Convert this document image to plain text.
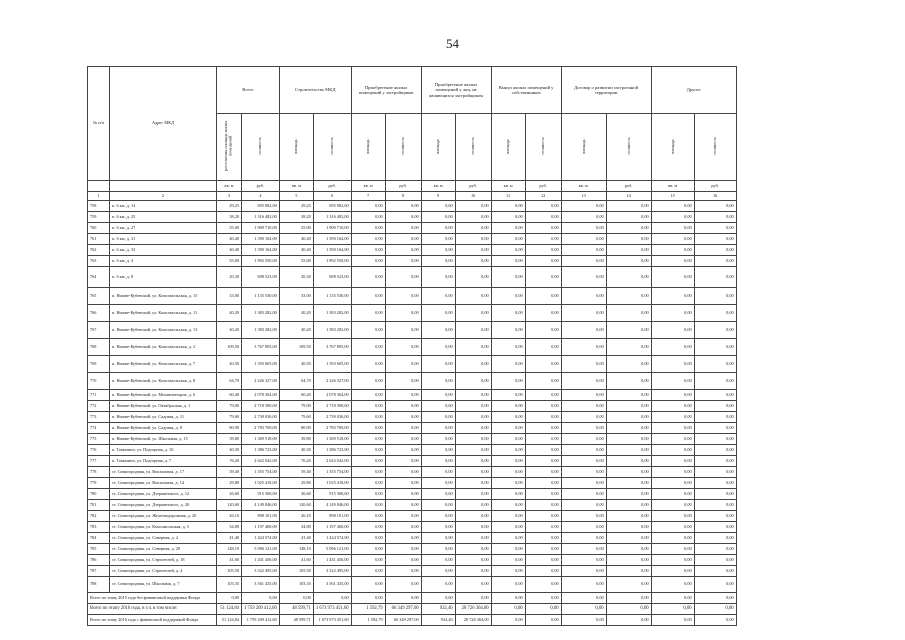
54
№ п/п	Адрес МКД	Всего		Строительство МКД		Приобретение жилых помещений у застройщиков		Приобретение жилых помещений у лиц, не являющихся застройщиком		Выкуп жилых помещений у собственников		Договор о развитии застроенной территории		Другое	
		расселяемая площадь жилых помещений	стоимость	площадь	стоимость	площадь	стоимость	площадь	стоимость	площадь	стоимость	площадь	стоимость	площадь	стоимость
		кв. м	руб.	кв. м	руб.	кв. м	руб.	кв. м	руб.	кв. м	руб.	кв. м.	руб.	кв. м	руб.
1	2	3	4	5	6	7	8	9	10	11	12	13	14	15	16
758	п. 6 км, д. 14	29,25	695 082,00	29,25	695 082,00	0,00	0,00	0,00	0,00	0,00	0,00	0,00	0,00	0,00	0,00
759	п. 6 км, д. 25	38,20	1 316 482,00	38,20	1 316 482,00	0,00	0,00	0,00	0,00	0,00	0,00	0,00	0,00	0,00	0,00
760	п. 6 км, д. 27	55,00	1 909 710,00	55,00	1 909 710,00	0,00	0,00	0,00	0,00	0,00	0,00	0,00	0,00	0,00	0,00
761	п. 6 км, д. 31	40,40	1 390 164,00	40,40	1 390 164,00	0,00	0,00	0,00	0,00	0,00	0,00	0,00	0,00	0,00	0,00
762	п. 6 км, д. 33	40,40	1 390 164,00	40,40	1 390 164,00	0,00	0,00	0,00	0,00	0,00	0,00	0,00	0,00	0,00	0,00
763	п. 6 км, д. 4	55,00	1 892 550,00	55,00	1 892 550,00	0,00	0,00	0,00	0,00	0,00	0,00	0,00	0,00	0,00	0,00
764	п. 6 км, д. 8	20,30	698 523,00	20,30	698 523,00	0,00	0,00	0,00	0,00	0,00	0,00	0,00	0,00	0,00	0,00
765	п. Нижне-Кубенский, ул. Комсомольская, д. 15	33,00	1 135 530,00	33,00	1 135 530,00	0,00	0,00	0,00	0,00	0,00	0,00	0,00	0,00	0,00	0,00
766	п. Нижне-Кубенский, ул. Комсомольская, д. 11	40,20	1 383 282,00	40,20	1 383 282,00	0,00	0,00	0,00	0,00	0,00	0,00	0,00	0,00	0,00	0,00
767	п. Нижне-Кубенский, ул. Комсомольская, д. 13	40,20	1 383 282,00	40,20	1 383 282,00	0,00	0,00	0,00	0,00	0,00	0,00	0,00	0,00	0,00	0,00
768	п. Нижне-Кубенский, ул. Комсомольская, д. 2	109,50	3 767 895,00	109,50	3 767 895,00	0,00	0,00	0,00	0,00	0,00	0,00	0,00	0,00	0,00	0,00
769	п. Нижне-Кубенский, ул. Комсомольская, д. 7	40,50	1 393 605,00	40,50	1 393 605,00	0,00	0,00	0,00	0,00	0,00	0,00	0,00	0,00	0,00	0,00
770	п. Нижне-Кубенский, ул. Комсомольская, д. 8	64,70	2 226 327,00	64,70	2 226 327,00	0,00	0,00	0,00	0,00	0,00	0,00	0,00	0,00	0,00	0,00
771	п. Нижне-Кубенский, ул. Механизаторов, д. 6	60,40	2 078 364,00	60,40	2 078 364,00	0,00	0,00	0,00	0,00	0,00	0,00	0,00	0,00	0,00	0,00
772	п. Нижне-Кубенский, ул. Октябрьская, д. 1	79,00	2 718 390,00	79,00	2 718 390,00	0,00	0,00	0,00	0,00	0,00	0,00	0,00	0,00	0,00	0,00
773	п. Нижне-Кубенский, ул. Садовая, д. 11	79,60	2 739 036,00	79,60	2 739 036,00	0,00	0,00	0,00	0,00	0,00	0,00	0,00	0,00	0,00	0,00
774	п. Нижне-Кубенский, ул. Садовая, д. 8	80,90	2 783 769,00	80,90	2 783 769,00	0,00	0,00	0,00	0,00	0,00	0,00	0,00	0,00	0,00	0,00
775	п. Нижне-Кубенский, ул. Школьная, д. 15	39,80	1 369 518,00	39,80	1 369 518,00	0,00	0,00	0,00	0,00	0,00	0,00	0,00	0,00	0,00	0,00
776	п. Томилино, ул. Подгорная, д. 10	40,30	1 386 723,00	40,30	1 386 723,00	0,00	0,00	0,00	0,00	0,00	0,00	0,00	0,00	0,00	0,00
777	п. Томилино, ул. Подгорная, д. 7	76,20	2 622 042,00	76,20	2 622 042,00	0,00	0,00	0,00	0,00	0,00	0,00	0,00	0,00	0,00	0,00
778	ст. Семигородняя, ул. Вокзальная, д. 17	39,40	1 355 754,00	39,40	1 355 754,00	0,00	0,00	0,00	0,00	0,00	0,00	0,00	0,00	0,00	0,00
779	ст. Семигородняя, ул. Вокзальная, д. 14	29,80	1 025 418,00	29,80	1 025 418,00	0,00	0,00	0,00	0,00	0,00	0,00	0,00	0,00	0,00	0,00
780	ст. Семигородняя, ул. Дзержинского, д. 12	26,60	915 306,00	26,60	915 306,00	0,00	0,00	0,00	0,00	0,00	0,00	0,00	0,00	0,00	0,00
781	ст. Семигородняя, ул. Дзержинского, д. 20	120,60	4 149 846,00	120,60	4 149 846,00	0,00	0,00	0,00	0,00	0,00	0,00	0,00	0,00	0,00	0,00
782	ст. Семигородняя, ул. Железнодорожная, д. 20	26,10	898 101,00	26,10	898 101,00	0,00	0,00	0,00	0,00	0,00	0,00	0,00	0,00	0,00	0,00
783	ст. Семигородняя, ул. Комсомольская, д. 5	34,80	1 197 468,00	34,80	1 197 468,00	0,00	0,00	0,00	0,00	0,00	0,00	0,00	0,00	0,00	0,00
784	ст. Семигородняя, ул. Северная, д. 2	41,40	1 424 574,00	41,40	1 424 574,00	0,00	0,00	0,00	0,00	0,00	0,00	0,00	0,00	0,00	0,00
785	ст. Семигородняя, ул. Северная, д. 20	148,10	5 096 121,00	148,10	5 096 121,00	0,00	0,00	0,00	0,00	0,00	0,00	0,00	0,00	0,00	0,00
786	ст. Семигородняя, ул. Строителей, д. 18	41,60	1 431 456,00	41,60	1 431 456,00	0,00	0,00	0,00	0,00	0,00	0,00	0,00	0,00	0,00	0,00
787	ст. Семигородняя, ул. Строителей, д. 4	105,50	3 522 495,00	105,50	3 522 495,00	0,00	0,00	0,00	0,00	0,00	0,00	0,00	0,00	0,00	0,00
788	ст. Семигородняя, ул. Школьная, д. 7	103,35	3 561 435,00	103,35	3 561 435,00	0,00	0,00	0,00	0,00	0,00	0,00	0,00	0,00	0,00	0,00
Всего по этапу 2015 года без финансовой поддержки Фонда		0,00	0,00	0,00	0,00	0,00	0,00	0,00	0,00	0,00	0,00	0,00	0,00	0,00	0,00
Всего по этапу 2016 года, в т.ч. в том числе:		51 124,84	1 759 209 412,60	48 599,71	1 673 973 451,60	1 592,79	66 349 297,00	932,40	28 726 364,00	0,00	0,00	0,00	0,00	0,00	0,00
Всего по этапу 2016 года с финансовой поддержкой Фонда		51 124,84	1 759 209 412,60	48 599,71	1 673 973 451,60	1 592,79	66 349 297,00	932,40	28 726 364,00	0,00	0,00	0,00	0,00	0,00	0,00
